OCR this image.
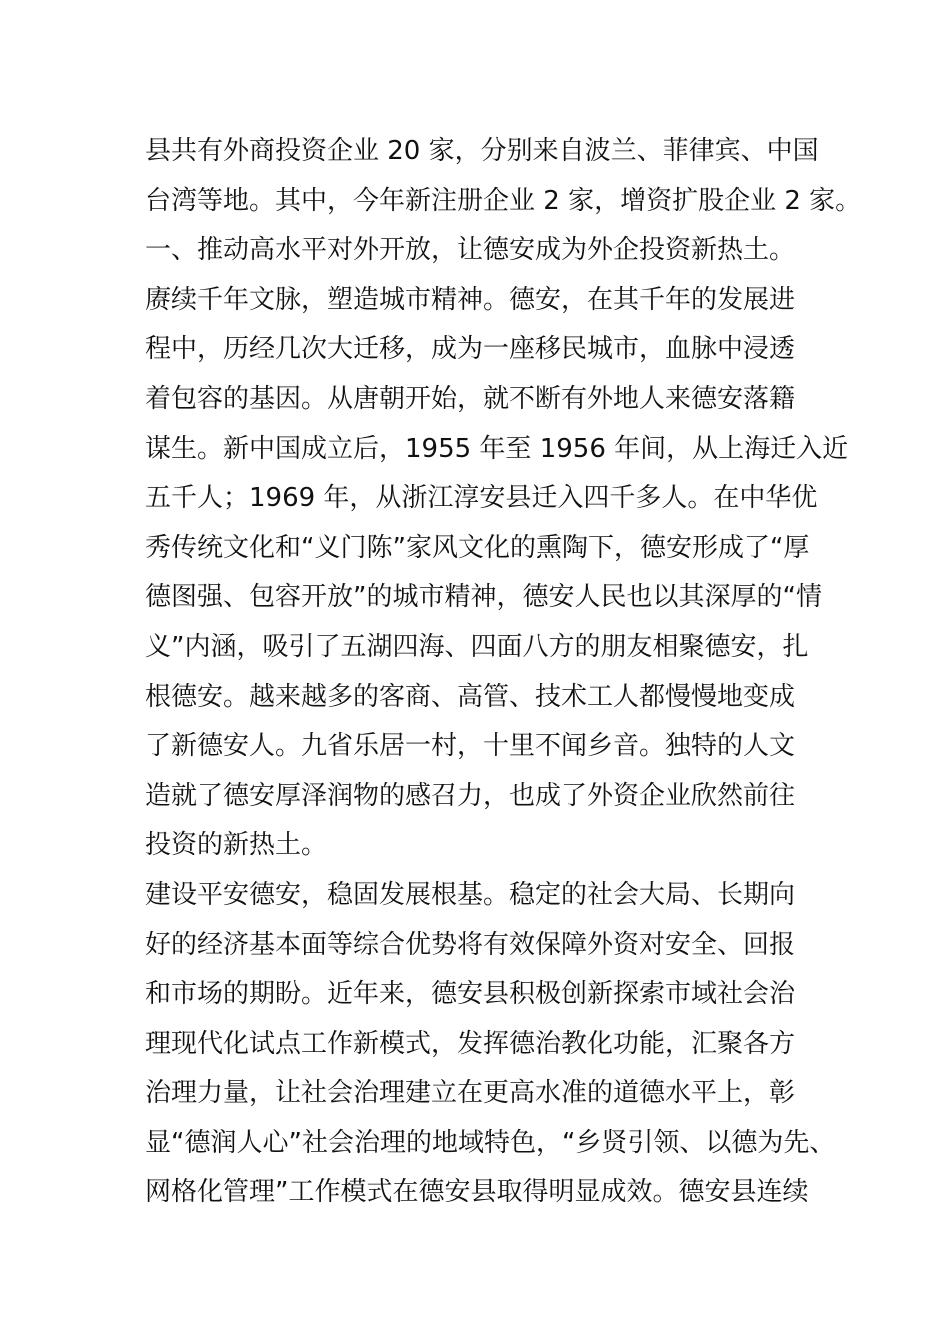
县共有外商投资企业 20 家，分别来自波兰、菲律宾、中国
台湾等地。其中，今年新注册企业 2 家，增资扩股企业 2 家。
一、推动高水平对外开放，让德安成为外企投资新热土。
赓续千年文脉，塑造城市精神。德安，在其千年的发展进
程中，历经几次大迁移，成为一座移民城市，血脉中浸透
着包容的基因。从唐朝开始，就不断有外地人来德安落籍
谋生。新中国成立后，1955 年至 1956 年间，从上海迁入近
五千人；1969 年，从浙江淳安县迁入四千多人。在中华优
秀传统文化和“义门陈”家风文化的熏陶下，德安形成了“厚
德图强、包容开放”的城市精神，德安人民也以其深厚的“情
义”内涵，吸引了五湖四海、四面八方的朋友相聚德安，扎
根德安。越来越多的客商、高管、技术工人都慢慢地变成
了新德安人。九省乐居一村，十里不闻乡音。独特的人文
造就了德安厚泽润物的感召力，也成了外资企业欣然前往
投资的新热土。
建设平安德安，稳固发展根基。稳定的社会大局、长期向
好的经济基本面等综合优势将有效保障外资对安全、回报
和市场的期盼。近年来，德安县积极创新探索市域社会治
理现代化试点工作新模式，发挥德治教化功能，汇聚各方
治理力量，让社会治理建立在更高水准的道德水平上，彰
显“德润人心”社会治理的地域特色，“乡贤引领、以德为先、
网格化管理”工作模式在德安县取得明显成效。德安县连续
